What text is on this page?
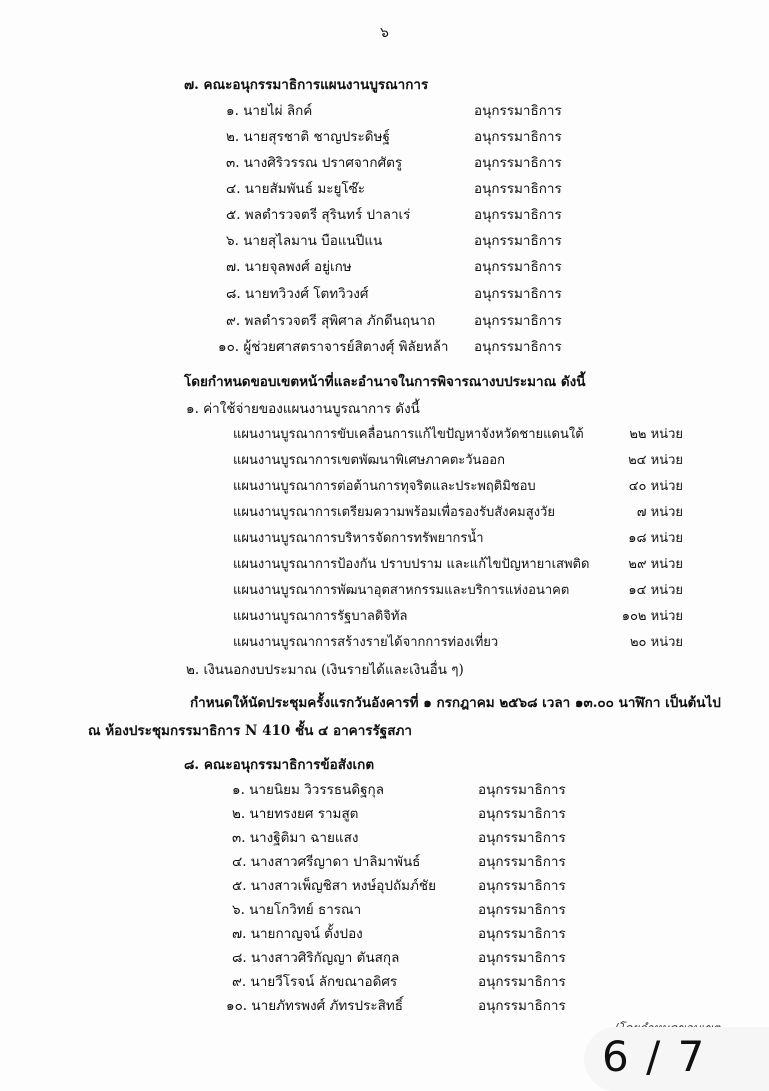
๖
๗. คณะอนุกรรมาธิการแผนงานบูรณาการ
๑. นายไผ่ ลิกค์	อนุกรรมาธิการ
๒. นายสุรชาติ ชาญประดิษฐ์	อนุกรรมาธิการ
๓. นางศิริวรรณ ปราศจากศัตรู	อนุกรรมาธิการ
๔. นายสัมพันธ์ มะยูโซ๊ะ	อนุกรรมาธิการ
๕. พลตำรวจตรี สุรินทร์ ปาลาเร่	อนุกรรมาธิการ
๖. นายสุไลมาน บือแนปีแน	อนุกรรมาธิการ
๗. นายจุลพงศ์ อยู่เกษ	อนุกรรมาธิการ
๘. นายทวิวงศ์ โตทวิวงศ์	อนุกรรมาธิการ
๙. พลตำรวจตรี สุพิศาล ภักดีนฤนาถ	อนุกรรมาธิการ
๑๐. ผู้ช่วยศาสตราจารย์สิตางศุ์ พิลัยหล้า อนุกรรมาธิการ
โดยกำหนดขอบเขตหน้าที่และอำนาจในการพิจารณางบประมาณ ดังนี้
๑. ค่าใช้จ่ายของแผนงานบูรณาการ ดังนี้
แผนงานบูรณาการขับเคลื่อนการแก้ไขปัญหาจังหวัดชายแดนใต้	๒๒ หน่วย
แผนงานบูรณาการเขตพัฒนาพิเศษภาคตะวันออก	๒๔ หน่วย
แผนงานบูรณาการต่อต้านการทุจริตและประพฤติมิชอบ	๔๐ หน่วย
แผนงานบูรณาการเตรียมความพร้อมเพื่อรองรับสังคมสูงวัย	๗ หน่วย
แผนงานบูรณาการบริหารจัดการทรัพยากรน้ำ	๑๘ หน่วย
แผนงานบูรณาการป้องกัน ปราบปราม และแก้ไขปัญหายาเสพติด	๒๙ หน่วย
แผนงานบูรณาการพัฒนาอุตสาหกรรมและบริการแห่งอนาคต	๑๔ หน่วย
แผนงานบูรณาการรัฐบาลดิจิทัล	๑๐๒ หน่วย
แผนงานบูรณาการสร้างรายได้จากการท่องเที่ยว	๒๐ หน่วย
๒. เงินนอกงบประมาณ (เงินรายได้และเงินอื่น ๆ)
กำหนดให้นัดประชุมครั้งแรกวันอังคารที่ ๑ กรกฎาคม ๒๕๖๘ เวลา ๑๓.๐๐ นาฬิกา เป็นต้นไป
ณ ห้องประชุมกรรมาธิการ N 410 ชั้น ๔ อาคารรัฐสภา
๘. คณะอนุกรรมาธิการข้อสังเกต
๑. นายนิยม วิวรรธนดิฐกุล	อนุกรรมาธิการ
๒. นายทรงยศ รามสูต	อนุกรรมาธิการ
๓. นางฐิติมา ฉายแสง	อนุกรรมาธิการ
๔. นางสาวศรีญาดา ปาลิมาพันธ์	อนุกรรมาธิการ
๕. นางสาวเพ็ญชิสา หงษ์อุปถัมภ์ชัย	อนุกรรมาธิการ
๖. นายโกวิทย์ ธารณา	อนุกรรมาธิการ
๗. นายกาญจน์ ตั้งปอง	อนุกรรมาธิการ
๘. นางสาวศิริกัญญา ตันสกุล	อนุกรรมาธิการ
๙. นายวีโรจน์ ลักขณาอดิศร	อนุกรรมาธิการ
๑๐. นายภัทรพงศ์ ภัทรประสิทธิ์	อนุกรรมาธิการ
6 / 7
